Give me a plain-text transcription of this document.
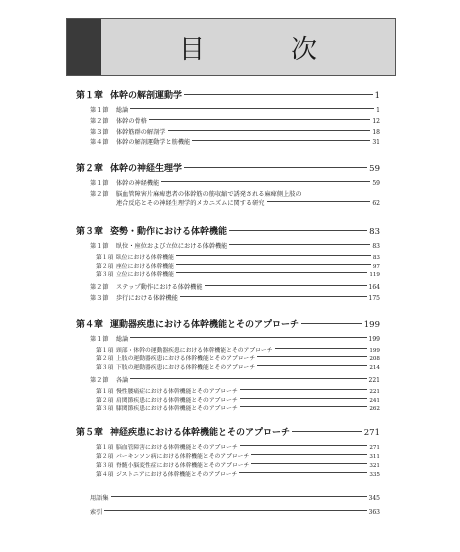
目　次
第１章 体幹の解剖運動学	1
第１節	総論	1
第２節	体幹の骨格	12
第３節	体幹筋群の解剖学	18
第４節	体幹の解剖運動学と筋機能	31
第２章 体幹の神経生理学	59
第１節	体幹の神経機能	59
第２節 脳血管障害片麻痺患者の体幹筋の筋収縮で誘発される麻痺側上肢の
連合反応とその神経生理学的メカニズムに関する研究	62
第３章 姿勢・動作における体幹機能	83
第１節	臥位・座位および立位における体幹機能	83
第１項 臥位における体幹機能	83
第２項 座位における体幹機能	97
第３項 立位における体幹機能	119
第２節	ステップ動作における体幹機能	164
第３節	歩行における体幹機能	175
第４章 運動器疾患における体幹機能とそのアプローチ	199
第１節	総論	199
第１項 頸部・体幹の運動器疾患における体幹機能とそのアプローチ	199
第２項 上肢の運動器疾患における体幹機能とそのアプローチ	208
第３項 下肢の運動器疾患における体幹機能とそのアプローチ	214
第２節	各論	221
第１項 慢性腰痛症における体幹機能とそのアプローチ	221
第２項 肩関節疾患における体幹機能とそのアプローチ	241
第３項 膝関節疾患における体幹機能とそのアプローチ	262
第５章 神経疾患における体幹機能とそのアプローチ	271
第１項 脳血管障害における体幹機能とそのアプローチ	271
第２項 パーキンソン病における体幹機能とそのアプローチ	311
第３項 脊髄小脳変性症における体幹機能とそのアプローチ	321
第４項 ジストニアにおける体幹機能とそのアプローチ	335
用語集	345
索引	363
